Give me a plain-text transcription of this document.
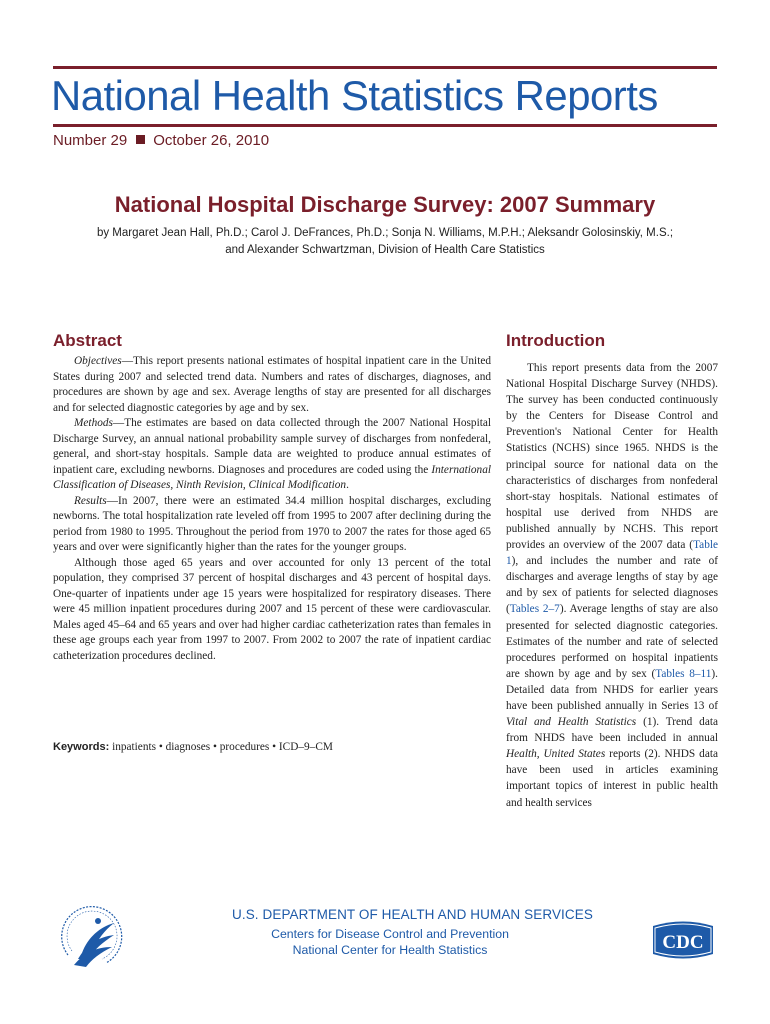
National Health Statistics Reports
Number 29 October 26, 2010
National Hospital Discharge Survey: 2007 Summary
by Margaret Jean Hall, Ph.D.; Carol J. DeFrances, Ph.D.; Sonja N. Williams, M.P.H.; Aleksandr Golosinskiy, M.S.;
and Alexander Schwartzman, Division of Health Care Statistics
Abstract	Introduction

Objectives—This report presents national estimates of hospital inpatient care in the United States during 2007 and selected trend data. Numbers and rates of discharges, diagnoses, and procedures are shown by age and sex. Average lengths of stay are presented for all discharges and for selected diagnostic categories by age and by sex.

Methods—The estimates are based on data collected through the 2007 National Hospital Discharge Survey, an annual national probability sample survey of discharges from nonfederal, general, and short-stay hospitals. Sample data are weighted to produce annual estimates of inpatient care, excluding newborns. Diagnoses and procedures are coded using the International Classification of Diseases, Ninth Revision, Clinical Modification.

Results—In 2007, there were an estimated 34.4 million hospital discharges, excluding newborns. The total hospitalization rate leveled off from 1995 to 2007 after declining during the period from 1980 to 1995. Throughout the period from 1970 to 2007 the rates for those aged 65 years and over were significantly higher than the rates for the younger groups.

Although those aged 65 years and over accounted for only 13 percent of the total population, they comprised 37 percent of hospital discharges and 43 percent of hospital days. One-quarter of inpatients under age 15 years were hospitalized for respiratory diseases. There were 45 million inpatient procedures during 2007 and 15 percent of these were cardiovascular. Males aged 45–64 and 65 years and over had higher cardiac catheterization rates than females in these age groups each year from 1997 to 2007. From 2002 to 2007 the rate of inpatient cardiac catheterization procedures declined.

Keywords: inpatients • diagnoses • procedures • ICD–9–CM

This report presents data from the 2007 National Hospital Discharge Survey (NHDS). The survey has been conducted continuously by the Centers for Disease Control and Prevention's National Center for Health Statistics (NCHS) since 1965. NHDS is the principal source for national data on the characteristics of discharges from nonfederal short-stay hospitals. National estimates of hospital use derived from NHDS are published annually by NCHS. This report provides an overview of the 2007 data (Table 1), and includes the number and rate of discharges and average lengths of stay by age and by sex of patients for selected diagnoses (Tables 2–7). Average lengths of stay are also presented for selected diagnostic categories. Estimates of the number and rate of selected procedures performed on hospital inpatients are shown by age and by sex (Tables 8–11). Detailed data from NHDS for earlier years have been published annually in Series 13 of Vital and Health Statistics (1). Trend data from NHDS have been included in annual Health, United States reports (2). NHDS data have been used in articles examining important topics of interest in public health and health services

U.S. DEPARTMENT OF HEALTH AND HUMAN SERVICES
Centers for Disease Control and Prevention
National Center for Health Statistics	CDC
